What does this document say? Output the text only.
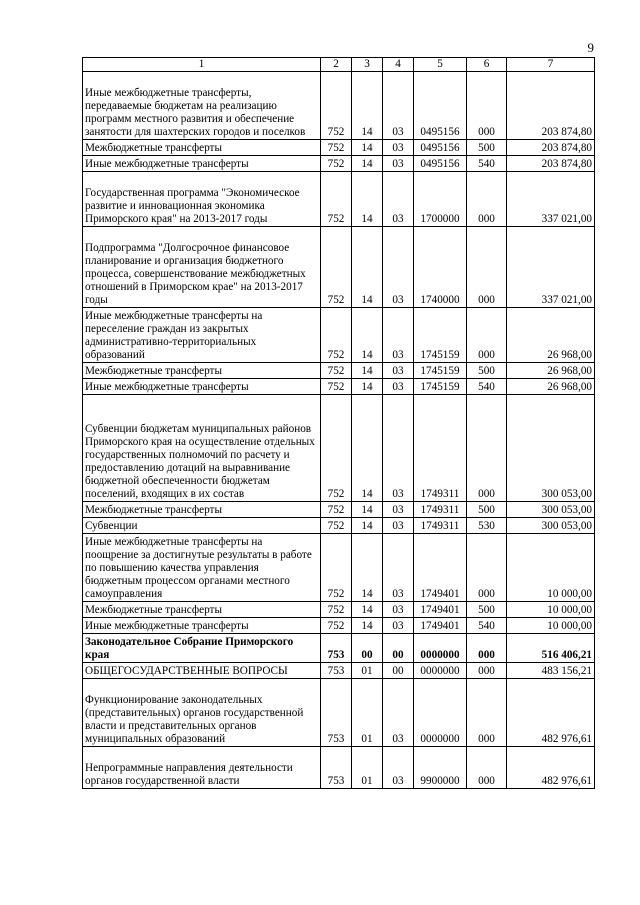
9
1	2	3	4	5	6	7
Иные межбюджетные трансферты, передаваемые бюджетам на реализацию программ местного развития и обеспечение занятости для шахтерских городов и поселков	752	14	03	0495156	000	203 874,80
Межбюджетные трансферты	752	14	03	0495156	500	203 874,80
Иные межбюджетные трансферты	752	14	03	0495156	540	203 874,80
Государственная программа "Экономическое развитие и инновационная экономика Приморского края" на 2013-2017 годы	752	14	03	1700000	000	337 021,00
Подпрограмма "Долгосрочное финансовое планирование и организация бюджетного процесса, совершенствование межбюджетных отношений в Приморском крае" на 2013-2017 годы	752	14	03	1740000	000	337 021,00
Иные межбюджетные трансферты на переселение граждан из закрытых административно-территориальных образований	752	14	03	1745159	000	26 968,00
Межбюджетные трансферты	752	14	03	1745159	500	26 968,00
Иные межбюджетные трансферты	752	14	03	1745159	540	26 968,00
Субвенции бюджетам муниципальных районов Приморского края на осуществление отдельных государственных полномочий по расчету и предоставлению дотаций на выравнивание бюджетной обеспеченности бюджетам поселений, входящих в их состав	752	14	03	1749311	000	300 053,00
Межбюджетные трансферты	752	14	03	1749311	500	300 053,00
Субвенции	752	14	03	1749311	530	300 053,00
Иные межбюджетные трансферты на поощрение за достигнутые результаты в работе по повышению качества управления бюджетным процессом органами местного самоуправления	752	14	03	1749401	000	10 000,00
Межбюджетные трансферты	752	14	03	1749401	500	10 000,00
Иные межбюджетные трансферты	752	14	03	1749401	540	10 000,00
Законодательное Собрание Приморского края	753	00	00	0000000	000	516 406,21
ОБЩЕГОСУДАРСТВЕННЫЕ ВОПРОСЫ	753	01	00	0000000	000	483 156,21
Функционирование законодательных (представительных) органов государственной власти и представительных органов муниципальных образований	753	01	03	0000000	000	482 976,61
Непрограммные направления деятельности органов государственной власти	753	01	03	9900000	000	482 976,61
